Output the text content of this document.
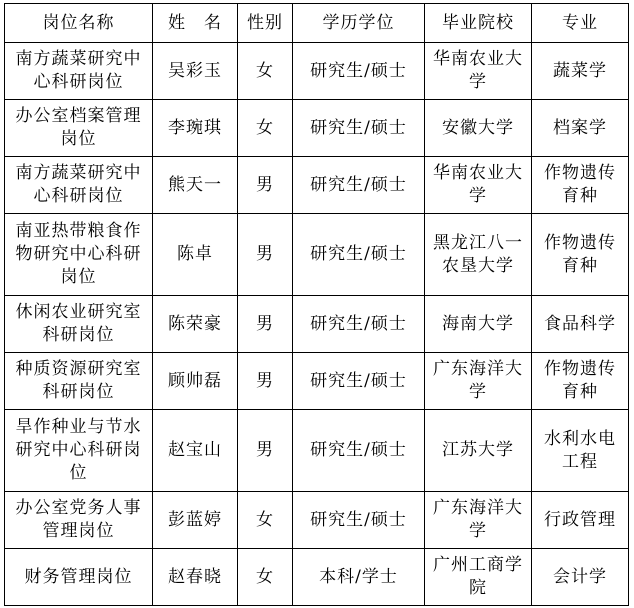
岗位名称	姓　名	性别	学历学位	毕业院校	专业
南方蔬菜研究中心科研岗位	吴彩玉	女	研究生/硕士	华南农业大学	蔬菜学
办公室档案管理岗位	李琬琪	女	研究生/硕士	安徽大学	档案学
南方蔬菜研究中心科研岗位	熊天一	男	研究生/硕士	华南农业大学	作物遗传育种
南亚热带粮食作物研究中心科研岗位	陈卓	男	研究生/硕士	黑龙江八一农垦大学	作物遗传育种
休闲农业研究室科研岗位	陈荣豪	男	研究生/硕士	海南大学	食品科学
种质资源研究室科研岗位	顾帅磊	男	研究生/硕士	广东海洋大学	作物遗传育种
旱作种业与节水研究中心科研岗位	赵宝山	男	研究生/硕士	江苏大学	水利水电工程
办公室党务人事管理岗位	彭蓝婷	女	研究生/硕士	广东海洋大学	行政管理
财务管理岗位	赵春晓	女	本科/学士	广州工商学院	会计学
